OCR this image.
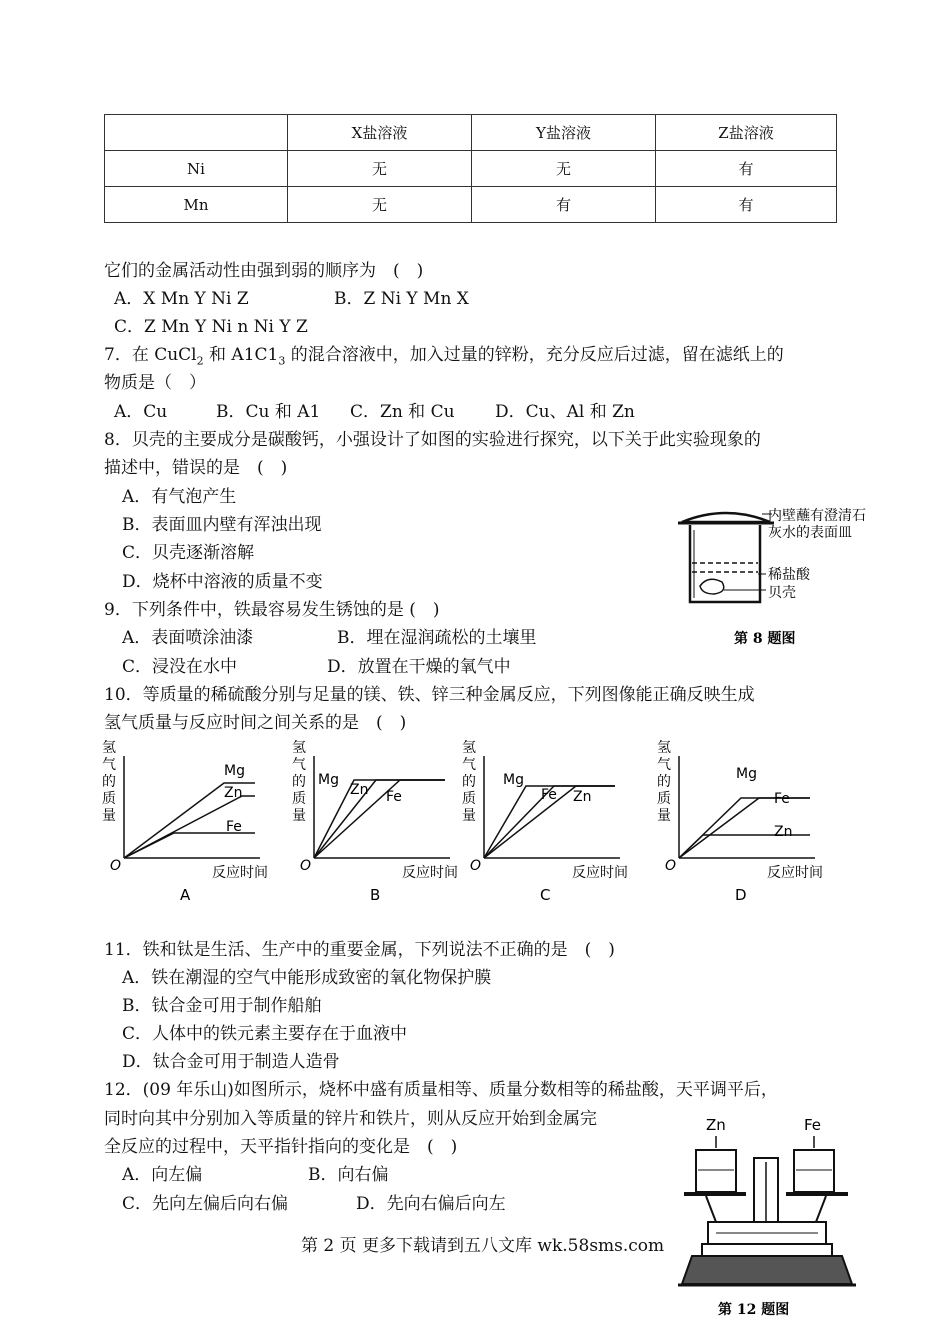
	X盐溶液	Y盐溶液	Z盐溶液
Ni	无	无	有
Mn	无	有	有
它们的金属活动性由强到弱的顺序为　(　)
A．X Mn Y Ni Z	B．Z Ni Y Mn X
C．Z Mn Y Ni n Ni Y Z
7．在 CuCl$_2$ 和 $A1C1_3$ 的混合溶液中，加入过量的锌粉，充分反应后过滤，留在滤纸上的
物质是（　）
A．Cu	B．Cu 和 A1 C．Zn 和 Cu D．Cu、Al 和 Zn
8．贝壳的主要成分是碳酸钙，小强设计了如图的实验进行探究，以下关于此实验现象的
描述中，错误的是　(　)
A．有气泡产生
B．表面皿内壁有浑浊出现
C．贝壳逐渐溶解
D．烧杯中溶液的质量不变
内壁蘸有澄清石
灰水的表面皿
稀盐酸
贝壳
第 8 题图
9．下列条件中，铁最容易发生锈蚀的是 (　)
A．表面喷涂油漆	B．埋在湿润疏松的土壤里
C．浸没在水中	D．放置在干燥的氧气中
10．等质量的稀硫酸分别与足量的镁、铁、锌三种金属反应，下列图像能正确反映生成
氢气质量与反应时间之间关系的是　(　)
氢
气
的
质
量
O	反应时间
A
Mg
Zn
Fe
氢
气
的
质
量
O	反应时间
B
Mg
Zn Fe
氢
气
的
质
量
O	反应时间
C
Mg
Fe Zn
氢
气
的
质
量
O	反应时间
D
Mg
Fe
Zn
11．铁和钛是生活、生产中的重要金属，下列说法不正确的是　(　)
A．铁在潮湿的空气中能形成致密的氧化物保护膜
B．钛合金可用于制作船舶
C．人体中的铁元素主要存在于血液中
D．钛合金可用于制造人造骨
12．(09 年乐山)如图所示，烧杯中盛有质量相等、质量分数相等的稀盐酸，天平调平后，
同时向其中分别加入等质量的锌片和铁片，则从反应开始到金属完
全反应的过程中，天平指针指向的变化是　(　)
A．向左偏	B．向右偏
C．先向左偏后向右偏	D．先向右偏后向左
Zn	Fe
第 12 题图
第 2 页 更多下载请到五八文库 wk.58sms.com
